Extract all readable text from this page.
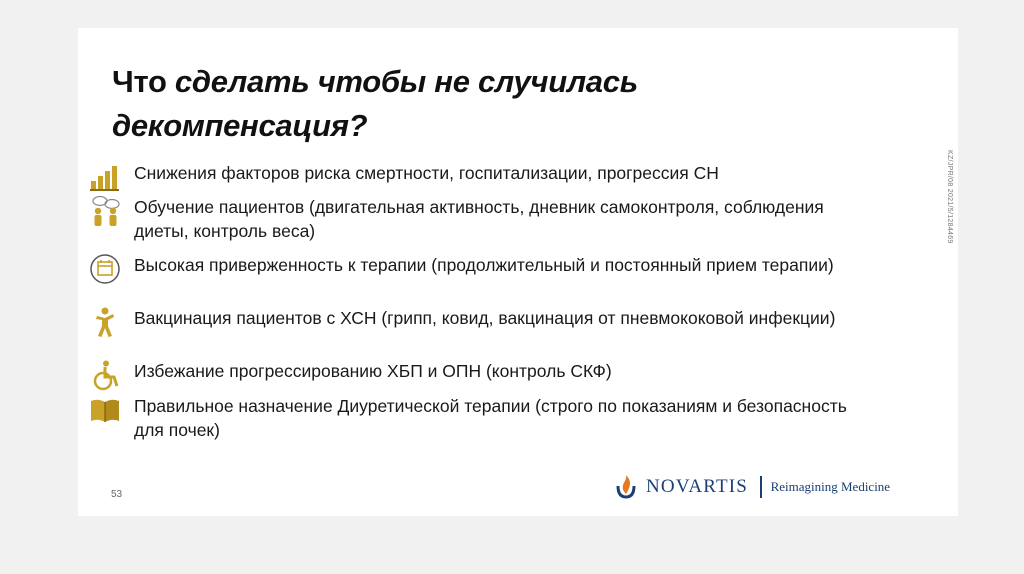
Что сделать чтобы не случилась
декомпенсация?
Снижения факторов риска смертности, госпитализации, прогрессия СН
Обучение пациентов (двигательная активность, дневник самоконтроля, соблюдения диеты, контроль веса)
Высокая приверженность к терапии (продолжительный и постоянный прием терапии)
Вакцинация пациентов с ХСН (грипп, ковид, вакцинация от пневмококовой инфекции)
Избежание прогрессированию ХБП и ОПН (контроль СКФ)
Правильное назначение Диуретической терапии (строго по показаниям и безопасность для почек)
KZ/JPR/08 2021/5/1284469
53	NOVARTIS Reimagining Medicine
